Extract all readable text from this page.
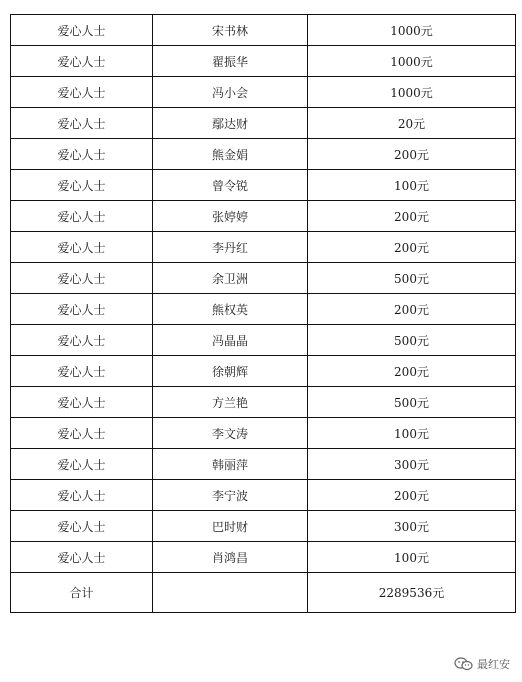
爱心人士	宋书林	1000元
爱心人士	翟振华	1000元
爱心人士	冯小会	1000元
爱心人士	鄢达财	20元
爱心人士	熊金娟	200元
爱心人士	曾令锐	100元
爱心人士	张婷婷	200元
爱心人士	李丹红	200元
爱心人士	余卫洲	500元
爱心人士	熊权英	200元
爱心人士	冯晶晶	500元
爱心人士	徐朝辉	200元
爱心人士	方兰艳	500元
爱心人士	李文涛	100元
爱心人士	韩丽萍	300元
爱心人士	李宁波	200元
爱心人士	巴时财	300元
爱心人士	肖鸿昌	100元
合计		2289536元
最红安
